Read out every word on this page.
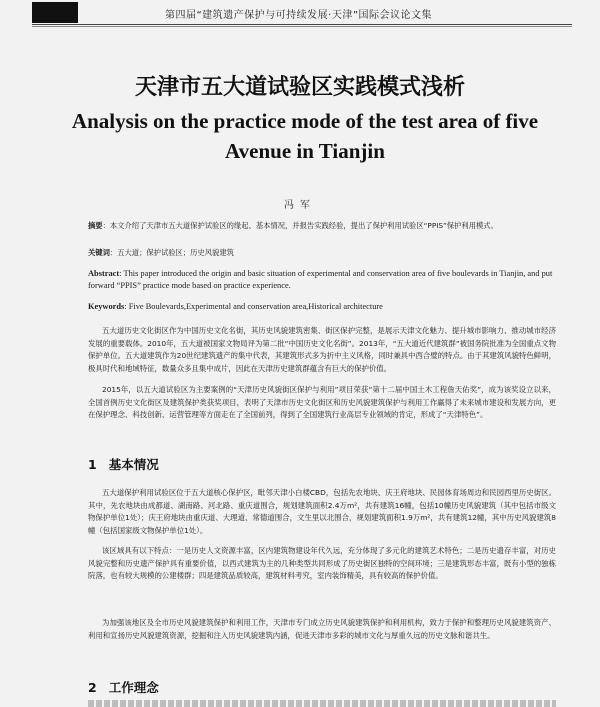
第四届“建筑遗产保护与可持续发展·天津”国际会议论文集
天津市五大道试验区实践模式浅析
Analysis on the practice mode of the test area of five Avenue in Tianjin
冯军
摘要：本文介绍了天津市五大道保护试验区的缘起、基本情况，并报告实践经验，提出了保护利用试验区“PPIS”保护利用模式。
关键词：五大道；保护试验区；历史风貌建筑
Abstract: This paper introduced the origin and basic situation of experimental and conservation area of five boulevards in Tianjin, and put forward “PPIS” practice mode based on practice experience.
Keywords: Five Boulevards,Experimental and conservation area,Historical architecture
五大道历史文化街区作为中国历史文化名街，其历史风貌建筑密集、街区保护完整，是展示天津文化魅力、提升城市影响力、推动城市经济发展的重要载体。2010年，五大道被国家文物局评为第二批“中国历史文化名街”。2013年，“五大道近代建筑群”被国务院批准为全国重点文物保护单位。五大道建筑作为20世纪建筑遗产的集中代表，其建筑形式多为折中主义风格，同时兼具中西合璧的特点。由于其建筑风貌特色鲜明，极具时代和地域特征，数量众多且集中成片，因此在天津历史建筑群蕴含有巨大的保护价值。
2015年，以五大道试验区为主要案例的“天津历史风貌街区保护与利用”项目荣获“第十二届中国土木工程詹天佑奖”，成为该奖设立以来，全国首例历史文化街区及建筑保护类获奖项目，表明了天津市历史文化街区和历史风貌建筑保护与利用工作赢得了未来城市建设和发展方向，更在保护理念、科技创新、运营管理等方面走在了全国前列，得到了全国建筑行业高层专业领域的肯定，形成了“天津特色”。
1 基本情况
五大道保护利用试验区位于五大道核心保护区，毗邻天津小白楼CBD，包括先农地块、庆王府地块、民园体育场周边和民园西里历史街区。其中，先农地块由成都道、湖南路、河北路、重庆道围合，规划建筑面积2.4万m²，共有建筑16幢，包括10幢历史风貌建筑（其中包括市级文物保护单位1处）；庆王府地块由重庆道、大理道、常德道围合，文生里以北围合，规划建筑面积1.9万m²，共有建筑12幢，其中历史风貌建筑8幢（包括国家级文物保护单位1处）。
该区域具有以下特点：一是历史人文资源丰富，区内建筑物建设年代久远，充分体现了多元化的建筑艺术特色；二是历史遗存丰富，对历史风貌完整和历史遗产保护具有重要价值，以西式建筑为主的几种类型共同形成了历史街区独特的空间环境；三是建筑形态丰富，既有小型的独栋院落，也有较大规模的公建楼群；四是建筑品质较高，建筑材料考究，室内装饰精美，具有较高的保护价值。
为加强该地区及全市历史风貌建筑保护和利用工作，天津市专门成立历史风貌建筑保护和利用机构，致力于保护和整理历史风貌建筑资产、利用和宣扬历史风貌建筑资源，挖掘和注入历史风貌建筑内涵，促进天津市多彩的城市文化与厚重久远的历史文脉和谐共生。
2 工作理念
